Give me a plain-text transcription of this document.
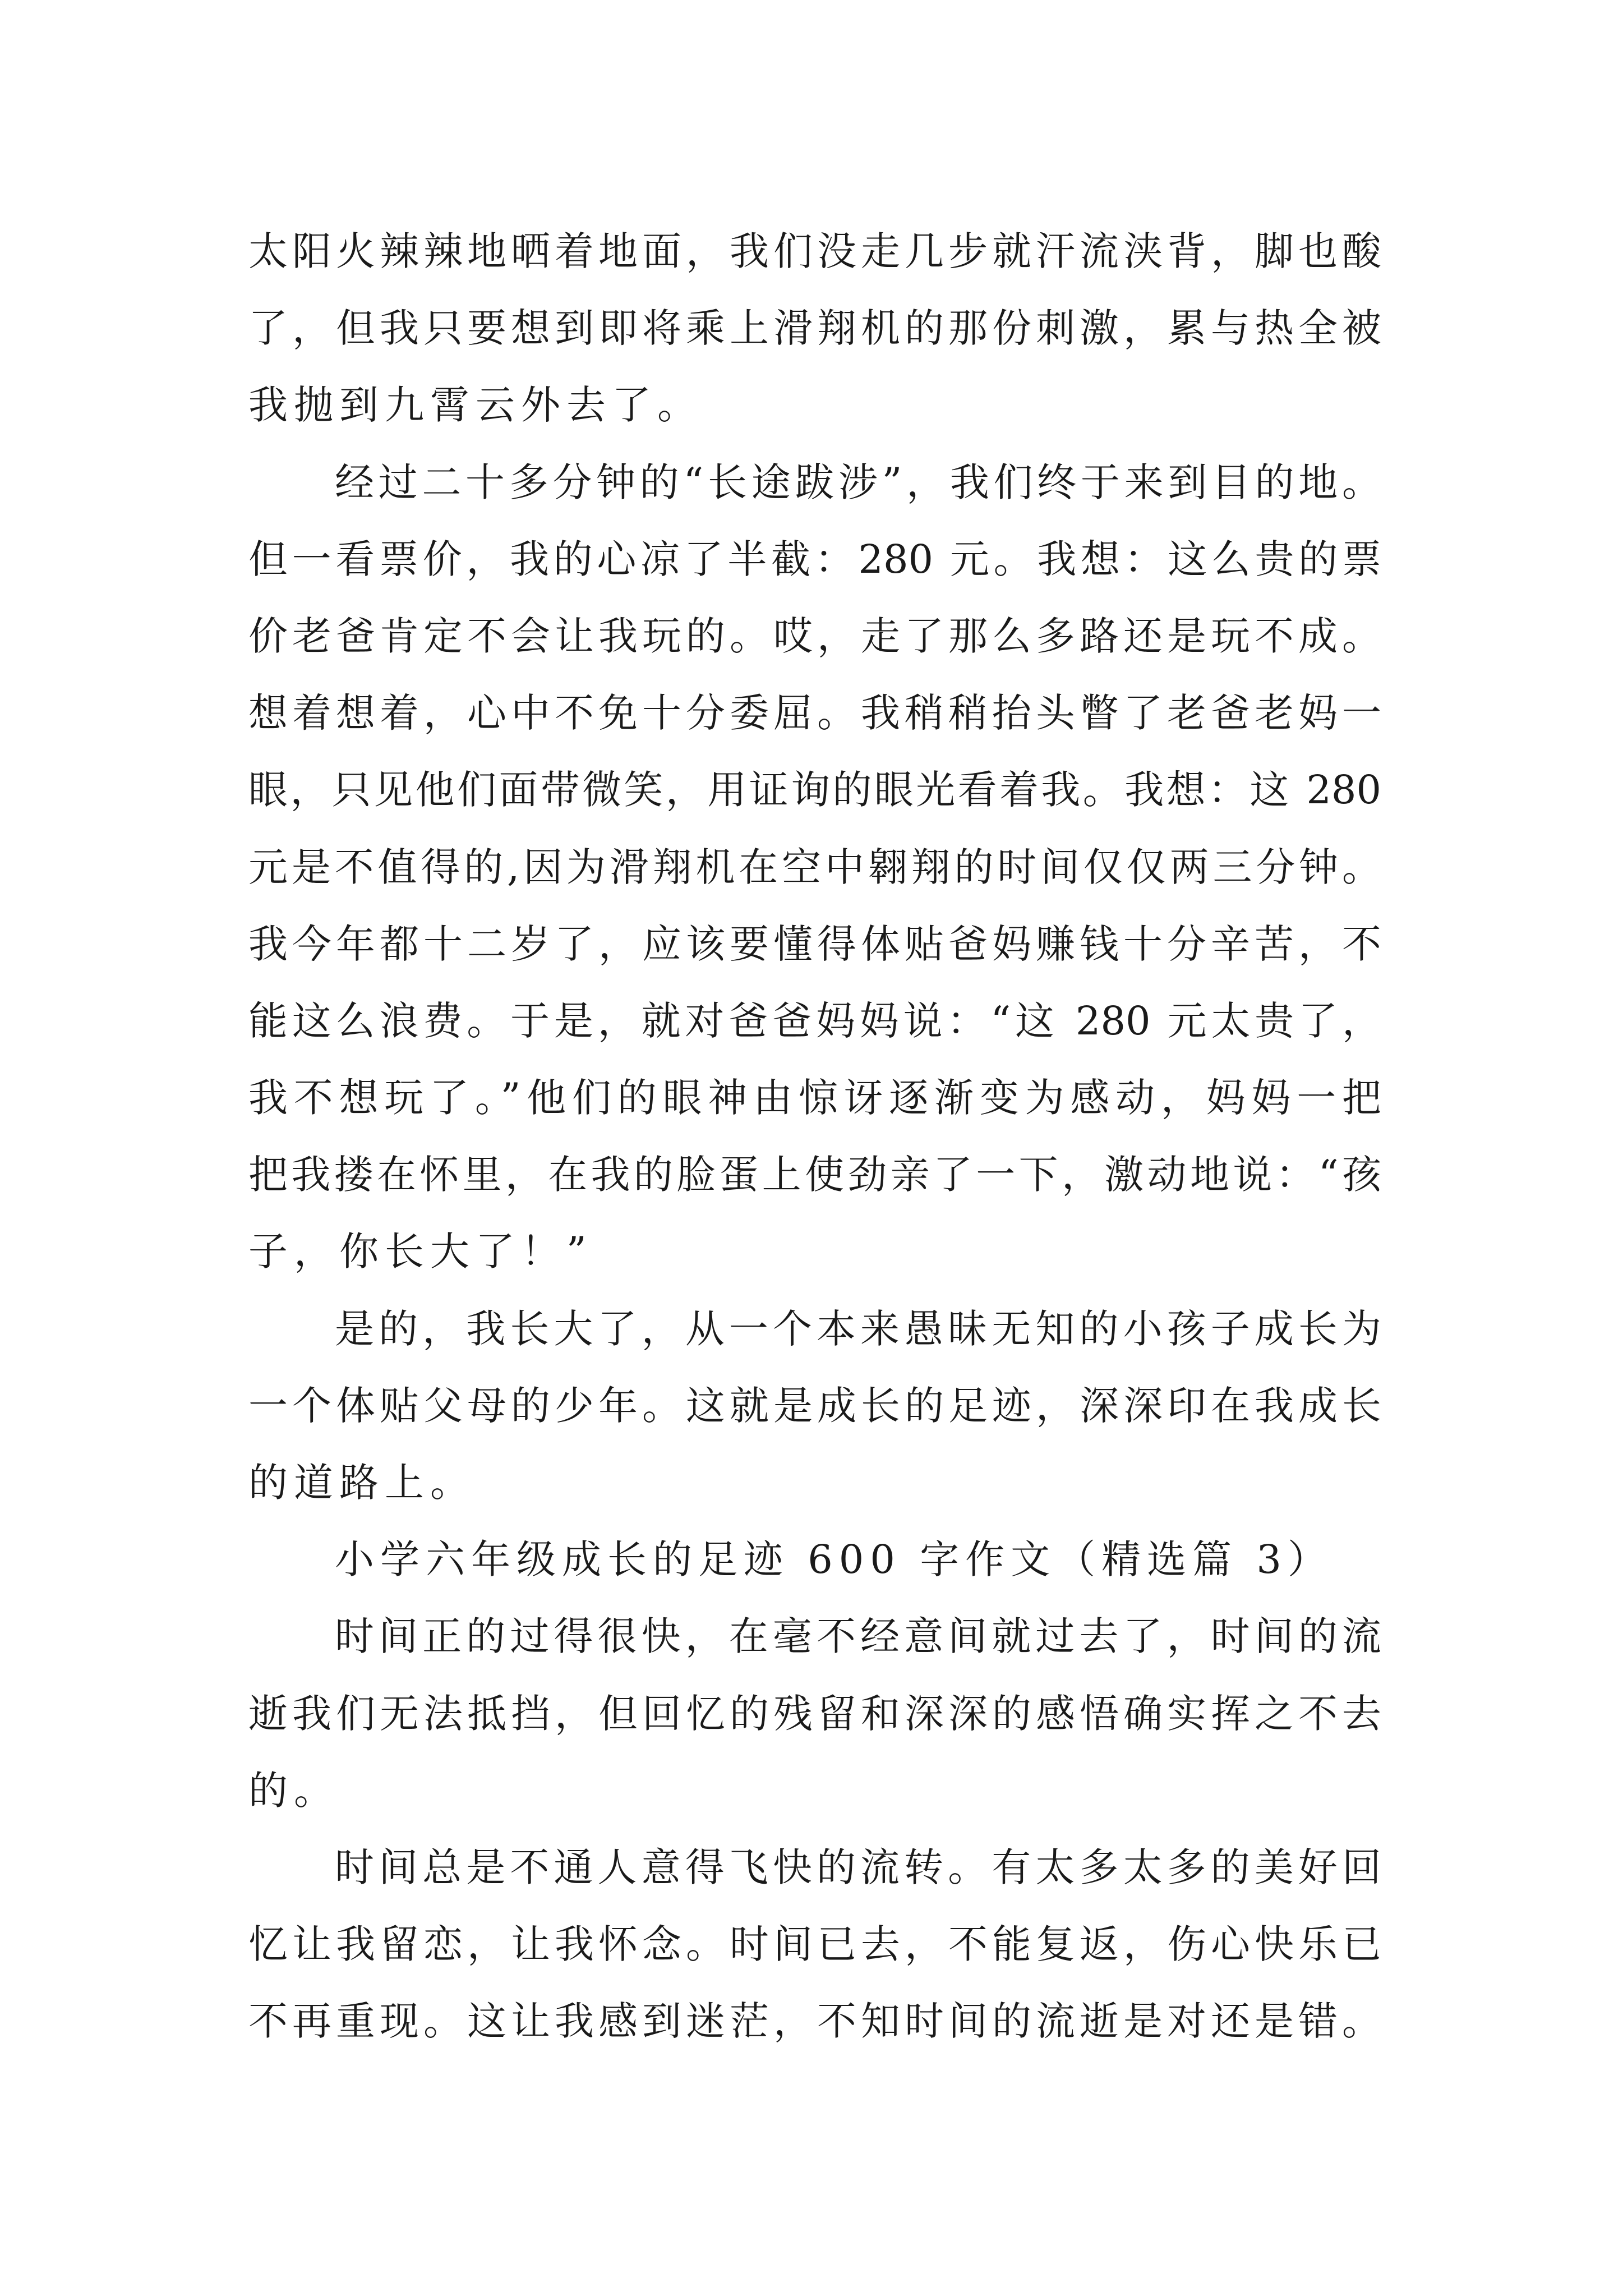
太阳火辣辣地晒着地面，我们没走几步就汗流浃背，脚也酸
了，但我只要想到即将乘上滑翔机的那份刺激，累与热全被
我抛到九霄云外去了。
经过二十多分钟的“长途跋涉”，我们终于来到目的地。
但一看票价，我的心凉了半截：280 元。我想：这么贵的票
价老爸肯定不会让我玩的。哎，走了那么多路还是玩不成。
想着想着，心中不免十分委屈。我稍稍抬头瞥了老爸老妈一
眼，只见他们面带微笑，用证询的眼光看着我。我想：这 280
元是不值得的,因为滑翔机在空中翱翔的时间仅仅两三分钟。
我今年都十二岁了，应该要懂得体贴爸妈赚钱十分辛苦，不
能这么浪费。于是，就对爸爸妈妈说：“这 280 元太贵了，
我不想玩了。”他们的眼神由惊讶逐渐变为感动，妈妈一把
把我搂在怀里，在我的脸蛋上使劲亲了一下，激动地说：“孩
子，你长大了！”
是的，我长大了，从一个本来愚昧无知的小孩子成长为
一个体贴父母的少年。这就是成长的足迹，深深印在我成长
的道路上。
小学六年级成长的足迹 600 字作文（精选篇 3）
时间正的过得很快，在毫不经意间就过去了，时间的流
逝我们无法抵挡，但回忆的残留和深深的感悟确实挥之不去
的。
时间总是不通人意得飞快的流转。有太多太多的美好回
忆让我留恋，让我怀念。时间已去，不能复返，伤心快乐已
不再重现。这让我感到迷茫，不知时间的流逝是对还是错。
